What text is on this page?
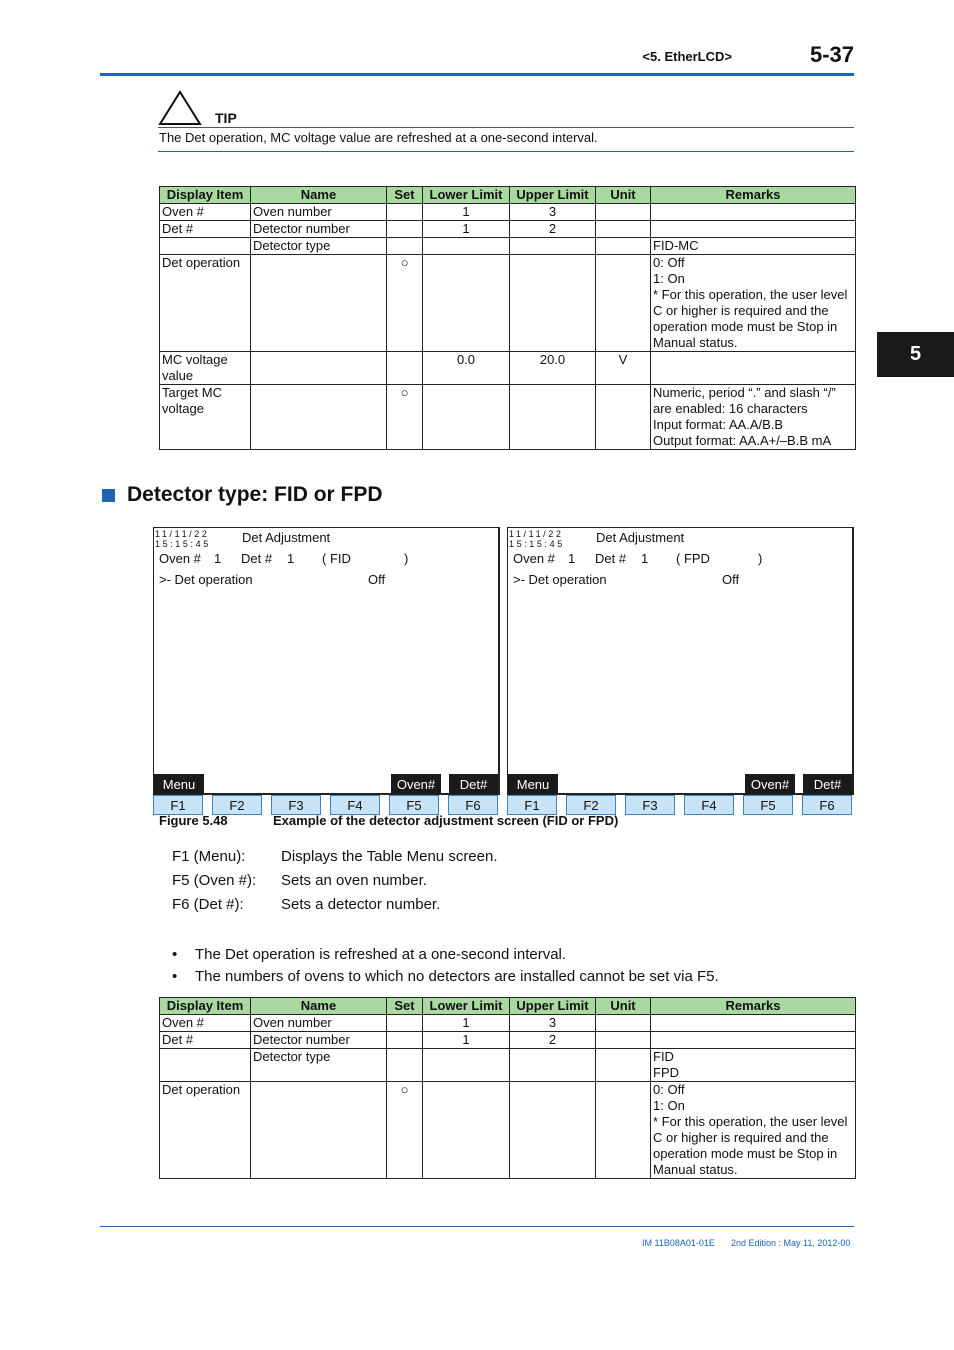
<5. EtherLCD>	5-37
5
TIP
The Det operation, MC voltage value are refreshed at a one-second interval.
Display Item	Name	Set	Lower Limit	Upper Limit	Unit	Remarks
Oven #	Oven number		1	3		
Det #	Detector number		1	2		
	Detector type					FID-MC
Det operation		○				0: Off
1: On
* For this operation, the user level C or higher is required and the operation mode must be Stop in Manual status.
MC voltage value			0.0	20.0	V	
Target MC voltage		○				Numeric, period “.” and slash “/” are enabled: 16 characters
Input format: AA.A/B.B
Output format: AA.A+/–B.B mA
Detector type: FID or FPD
11/11/22
15:15:45 Det Adjustment
Oven # 1 Det # 1 ( FID	)
>- Det operation	Off
Menu	Oven#	Det#
11/11/22
15:15:45 Det Adjustment
Oven # 1 Det # 1 ( FPD	)
>- Det operation	Off
Menu	Oven#	Det#
F1	F2	F3	F4	F5	F6	F1	F2	F3	F4	F5	F6
Figure 5.48	Example of the detector adjustment screen (FID or FPD)
F1 (Menu): Displays the Table Menu screen.
F5 (Oven #): Sets an oven number.
F6 (Det #): Sets a detector number.
• The Det operation is refreshed at a one-second interval.
• The numbers of ovens to which no detectors are installed cannot be set via F5.
Display Item	Name	Set	Lower Limit	Upper Limit	Unit	Remarks
Oven #	Oven number		1	3		
Det #	Detector number		1	2		
	Detector type					FID
FPD
Det operation		○				0: Off
1: On
* For this operation, the user level C or higher is required and the operation mode must be Stop in Manual status.
IM 11B08A01-01E 2nd Edition : May 11, 2012-00
